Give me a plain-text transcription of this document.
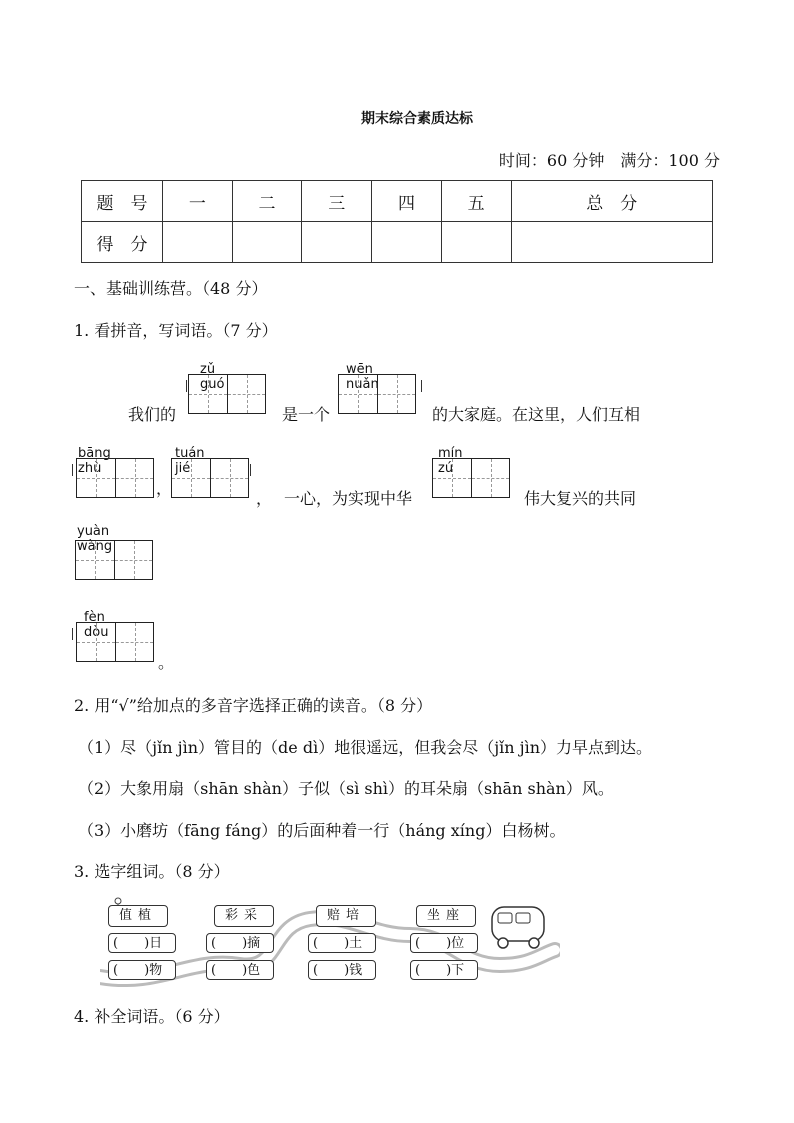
期末综合素质达标
时间：60 分钟　满分：100 分
题　号	一	二	三	四	五	总　分
得　分						
一、基础训练营。（48 分）
1. 看拼音，写词语。（7 分）
我们的
zǔ　guó
是一个
wēn　nuǎn
的大家庭。在这里，人们互相
bāng　zhù
，
tuán　jié
， 一心，为实现中华
mín　　zú
伟大复兴的共同
yuàn wàng
fèn　dòu
。
2. 用“√”给加点的多音字选择正确的读音。（8 分）
（1）尽（jǐn jìn）管目的（de dì）地很遥远，但我会尽（jǐn jìn）力早点到达。
（2）大象用扇（shān shàn）子似（sì shì）的耳朵扇（shān shàn）风。
（3）小磨坊（fāng fáng）的后面种着一行（háng xíng）白杨树。
3. 选字组词。（8 分）
值植
(　　)日
(　　)物
彩采
(　　)摘
(　　)色
赔培
(　　)土
(　　)钱
坐座
(　　)位
(　　)下
4. 补全词语。（6 分）
